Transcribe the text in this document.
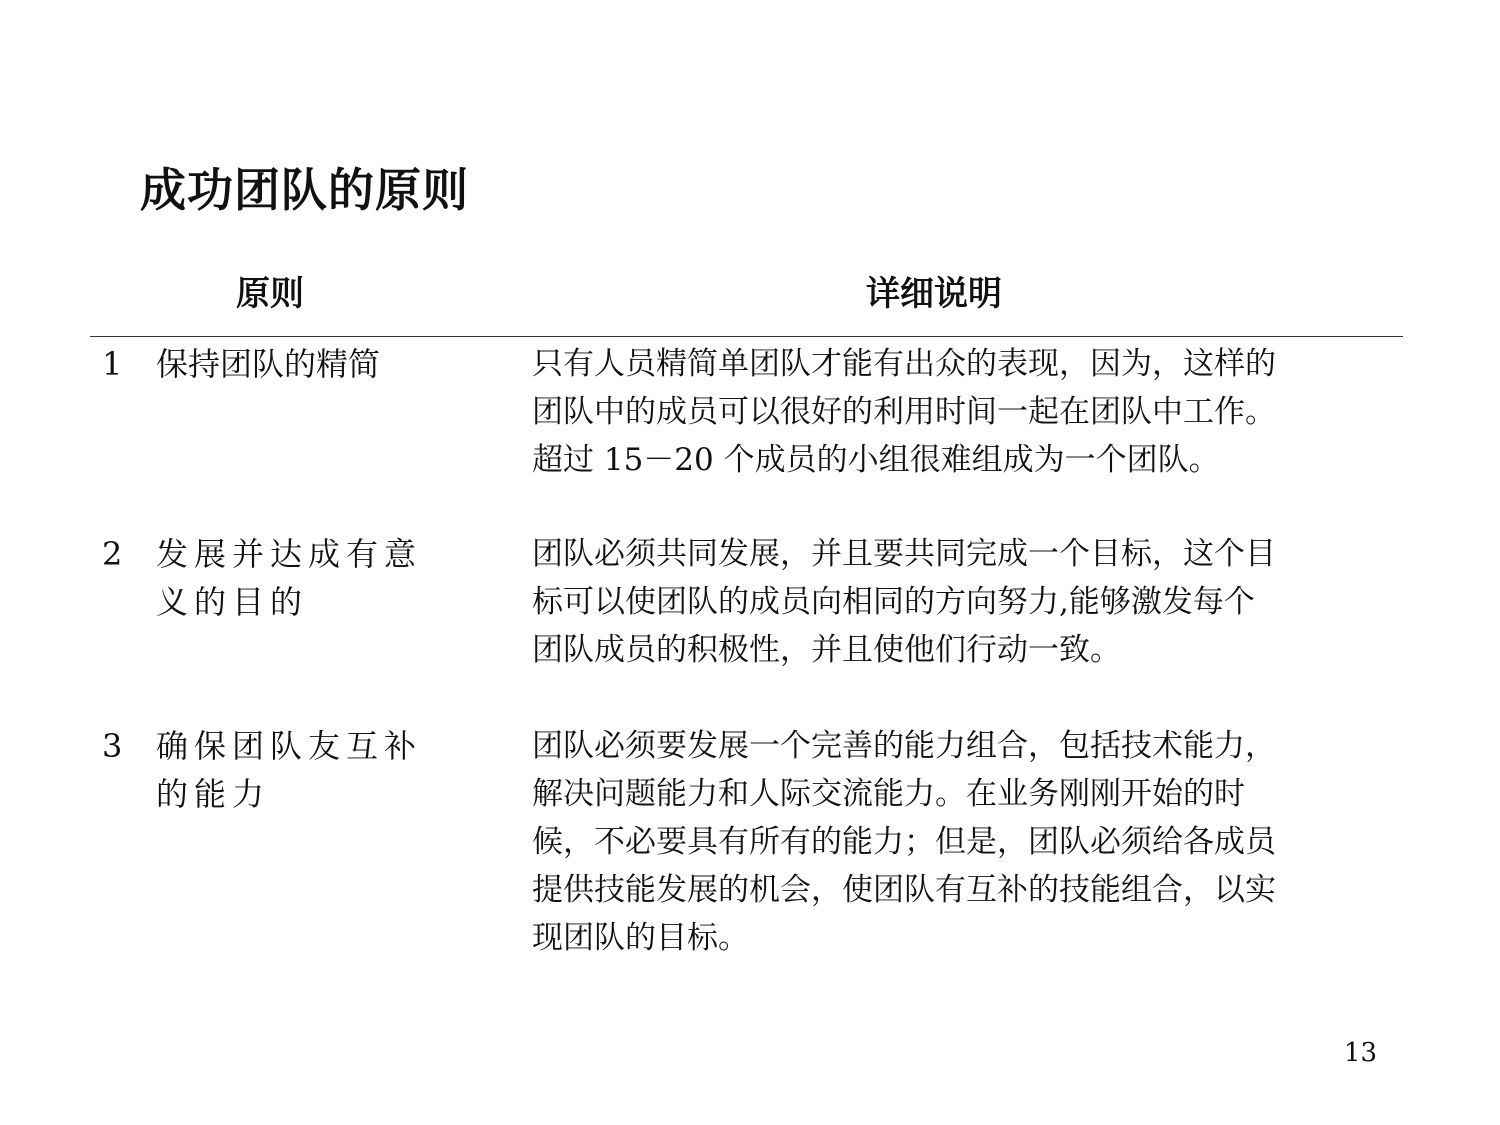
成功团队的原则
原则	详细说明
1 保持团队的精简	只有人员精简单团队才能有出众的表现，因为，这样的
团队中的成员可以很好的利用时间一起在团队中工作。
超过 15－20 个成员的小组很难组成为一个团队。
2 发展并达成有意
义的目的
团队必须共同发展，并且要共同完成一个目标，这个目
标可以使团队的成员向相同的方向努力,能够激发每个
团队成员的积极性，并且使他们行动一致。
3 确保团队友互补
的能力
团队必须要发展一个完善的能力组合，包括技术能力，
解决问题能力和人际交流能力。在业务刚刚开始的时
候，不必要具有所有的能力；但是，团队必须给各成员
提供技能发展的机会，使团队有互补的技能组合，以实
现团队的目标。
13
